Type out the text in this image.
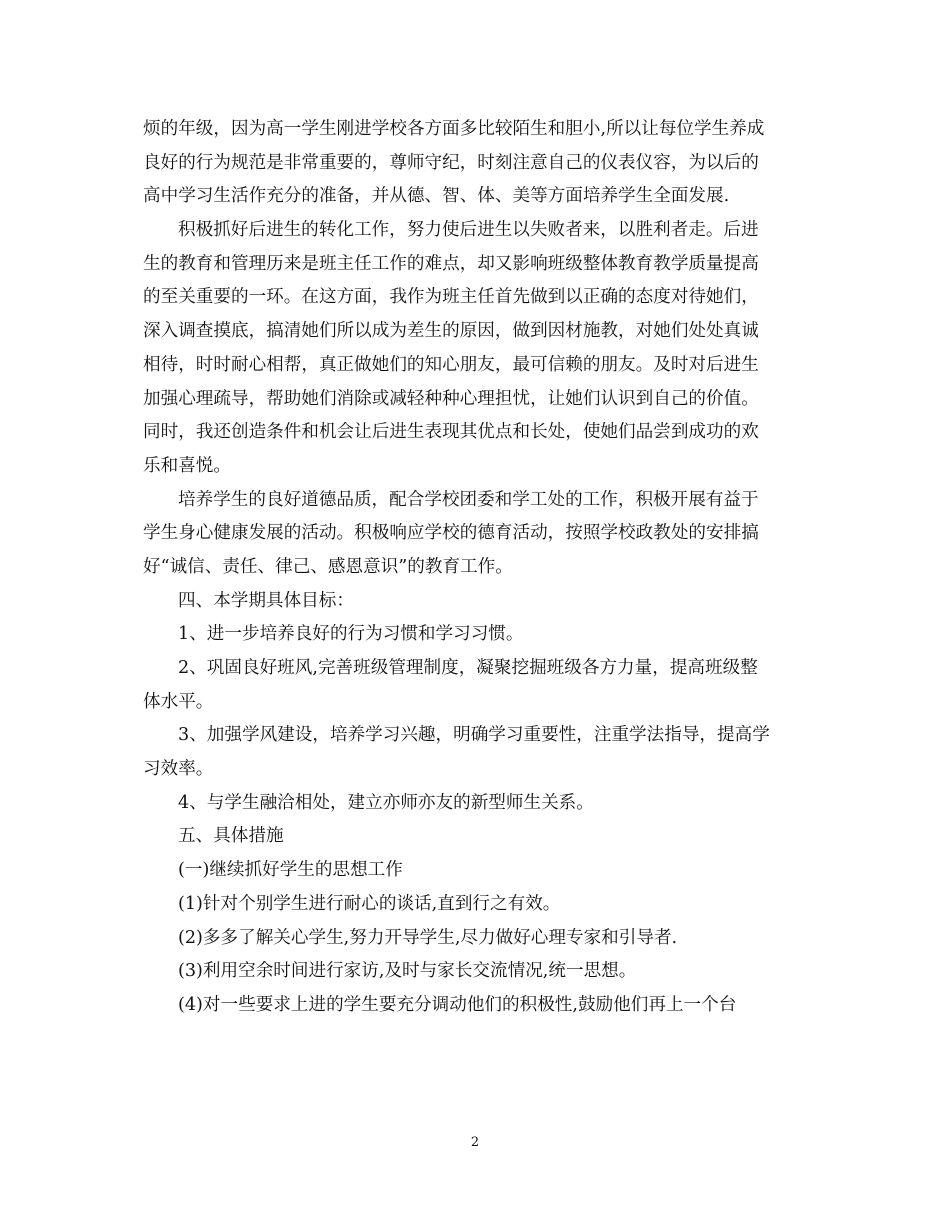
烦的年级，因为高一学生刚进学校各方面多比较陌生和胆小,所以让每位学生养成
良好的行为规范是非常重要的，尊师守纪，时刻注意自己的仪表仪容，为以后的
高中学习生活作充分的准备，并从德、智、体、美等方面培养学生全面发展.
积极抓好后进生的转化工作，努力使后进生以失败者来，以胜利者走。后进
生的教育和管理历来是班主任工作的难点，却又影响班级整体教育教学质量提高
的至关重要的一环。在这方面，我作为班主任首先做到以正确的态度对待她们，
深入调查摸底，搞清她们所以成为差生的原因，做到因材施教，对她们处处真诚
相待，时时耐心相帮，真正做她们的知心朋友，最可信赖的朋友。及时对后进生
加强心理疏导，帮助她们消除或减轻种种心理担忧，让她们认识到自己的价值。
同时，我还创造条件和机会让后进生表现其优点和长处，使她们品尝到成功的欢
乐和喜悦。
培养学生的良好道德品质，配合学校团委和学工处的工作，积极开展有益于
学生身心健康发展的活动。积极响应学校的德育活动，按照学校政教处的安排搞
好“诚信、责任、律己、感恩意识”的教育工作。
四、本学期具体目标：
1、进一步培养良好的行为习惯和学习习惯。
2、巩固良好班风,完善班级管理制度，凝聚挖掘班级各方力量，提高班级整
体水平。
3、加强学风建设，培养学习兴趣，明确学习重要性，注重学法指导，提高学
习效率。
4、与学生融洽相处，建立亦师亦友的新型师生关系。
五、具体措施
(一)继续抓好学生的思想工作
(1)针对个别学生进行耐心的谈话,直到行之有效。
(2)多多了解关心学生,努力开导学生,尽力做好心理专家和引导者.
(3)利用空余时间进行家访,及时与家长交流情况,统一思想。
(4)对一些要求上进的学生要充分调动他们的积极性,鼓励他们再上一个台
2
